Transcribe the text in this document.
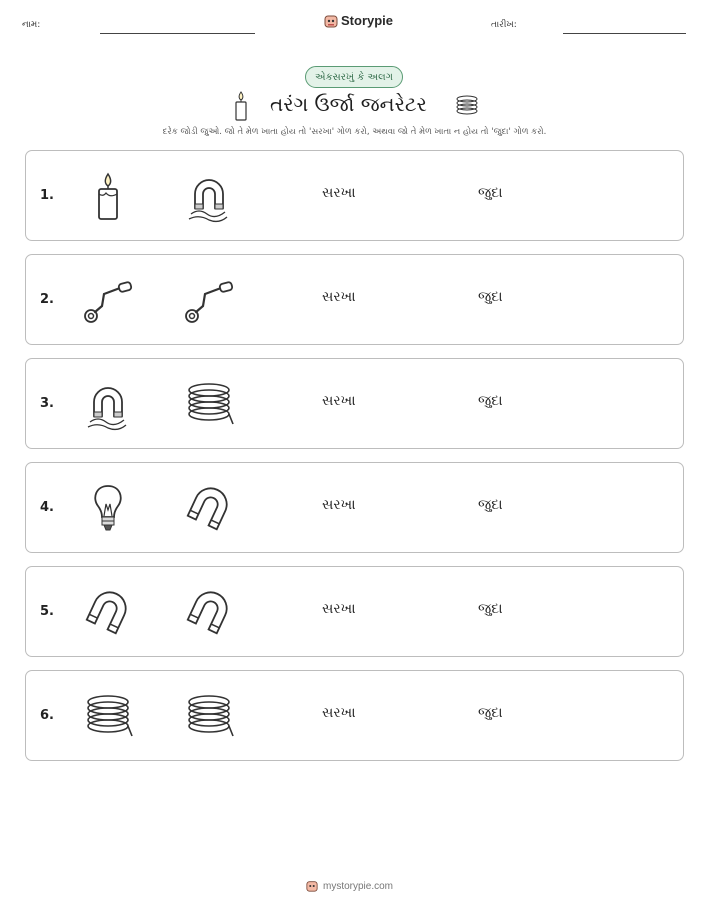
નામ:	Storypie	તારીખ:
એકસરખું કે અલગ
તરંગ ઉર્જા જનરેટર
દરેક જોડી જુઓ. જો તે મેળ ખાતા હોય તો 'સરખા' ગોળ કરો, અથવા જો તે મેળ ખાતા ન હોય તો 'જુદા' ગોળ કરો.
1.	સરખા	જુદા
2.	સરખા	જુદા
3.	સરખા	જુદા
4.	સરખા	જુદા
5.	સરખા	જુદા
6.	સરખા	જુદા
mystorypie.com
